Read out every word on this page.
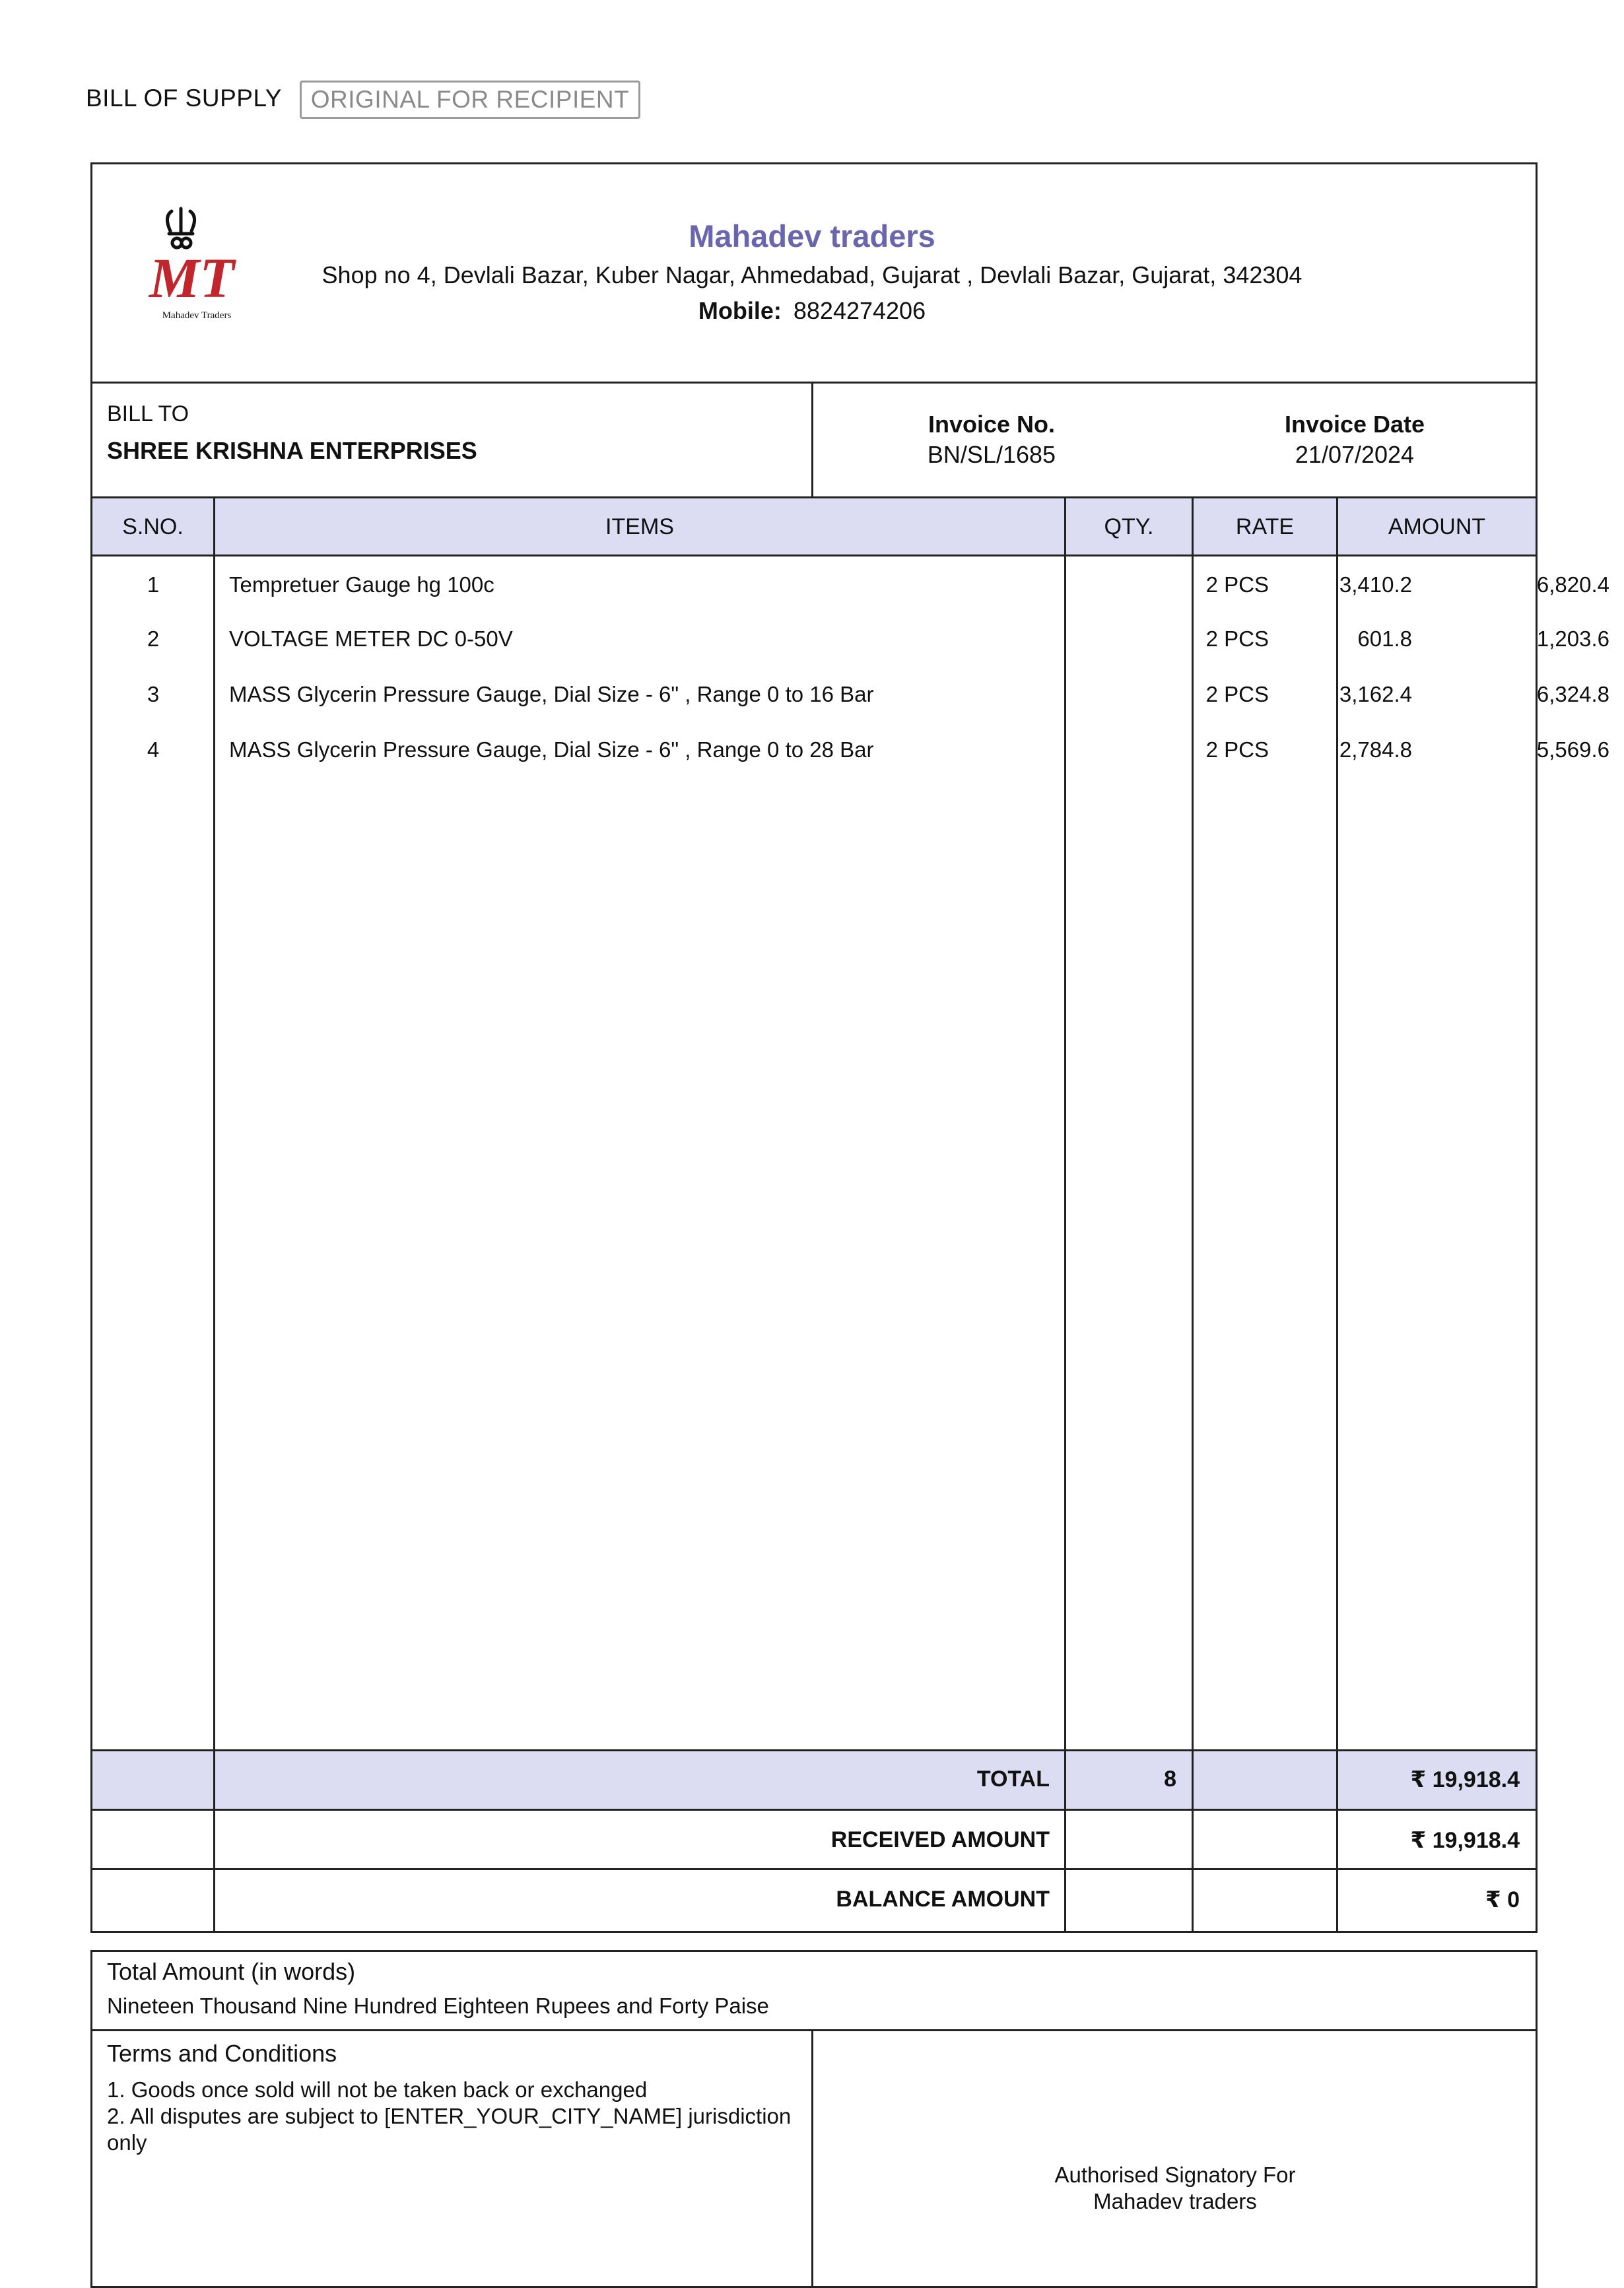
BILL OF SUPPLY	ORIGINAL FOR RECIPIENT
MT
Mahadev Traders
Mahadev traders
Shop no 4, Devlali Bazar, Kuber Nagar, Ahmedabad, Gujarat , Devlali Bazar, Gujarat, 342304
Mobile: 8824274206
BILL TO
SHREE KRISHNA ENTERPRISES
Invoice No.
BN/SL/1685
Invoice Date
21/07/2024
S.NO.	ITEMS	QTY.	RATE	AMOUNT
1	Tempretuer Gauge hg 100c	2 PCS	3,410.2	6,820.4
2	VOLTAGE METER DC 0-50V	2 PCS	601.8	1,203.6
3	MASS Glycerin Pressure Gauge, Dial Size - 6" , Range 0 to 16 Bar	2 PCS	3,162.4	6,324.8
4	MASS Glycerin Pressure Gauge, Dial Size - 6" , Range 0 to 28 Bar	2 PCS	2,784.8	5,569.6
TOTAL	8	₹ 19,918.4
RECEIVED AMOUNT	₹ 19,918.4
BALANCE AMOUNT	₹ 0
Total Amount (in words)
Nineteen Thousand Nine Hundred Eighteen Rupees and Forty Paise
Terms and Conditions
1. Goods once sold will not be taken back or exchanged
2. All disputes are subject to [ENTER_YOUR_CITY_NAME] jurisdiction only
Authorised Signatory For
Mahadev traders
